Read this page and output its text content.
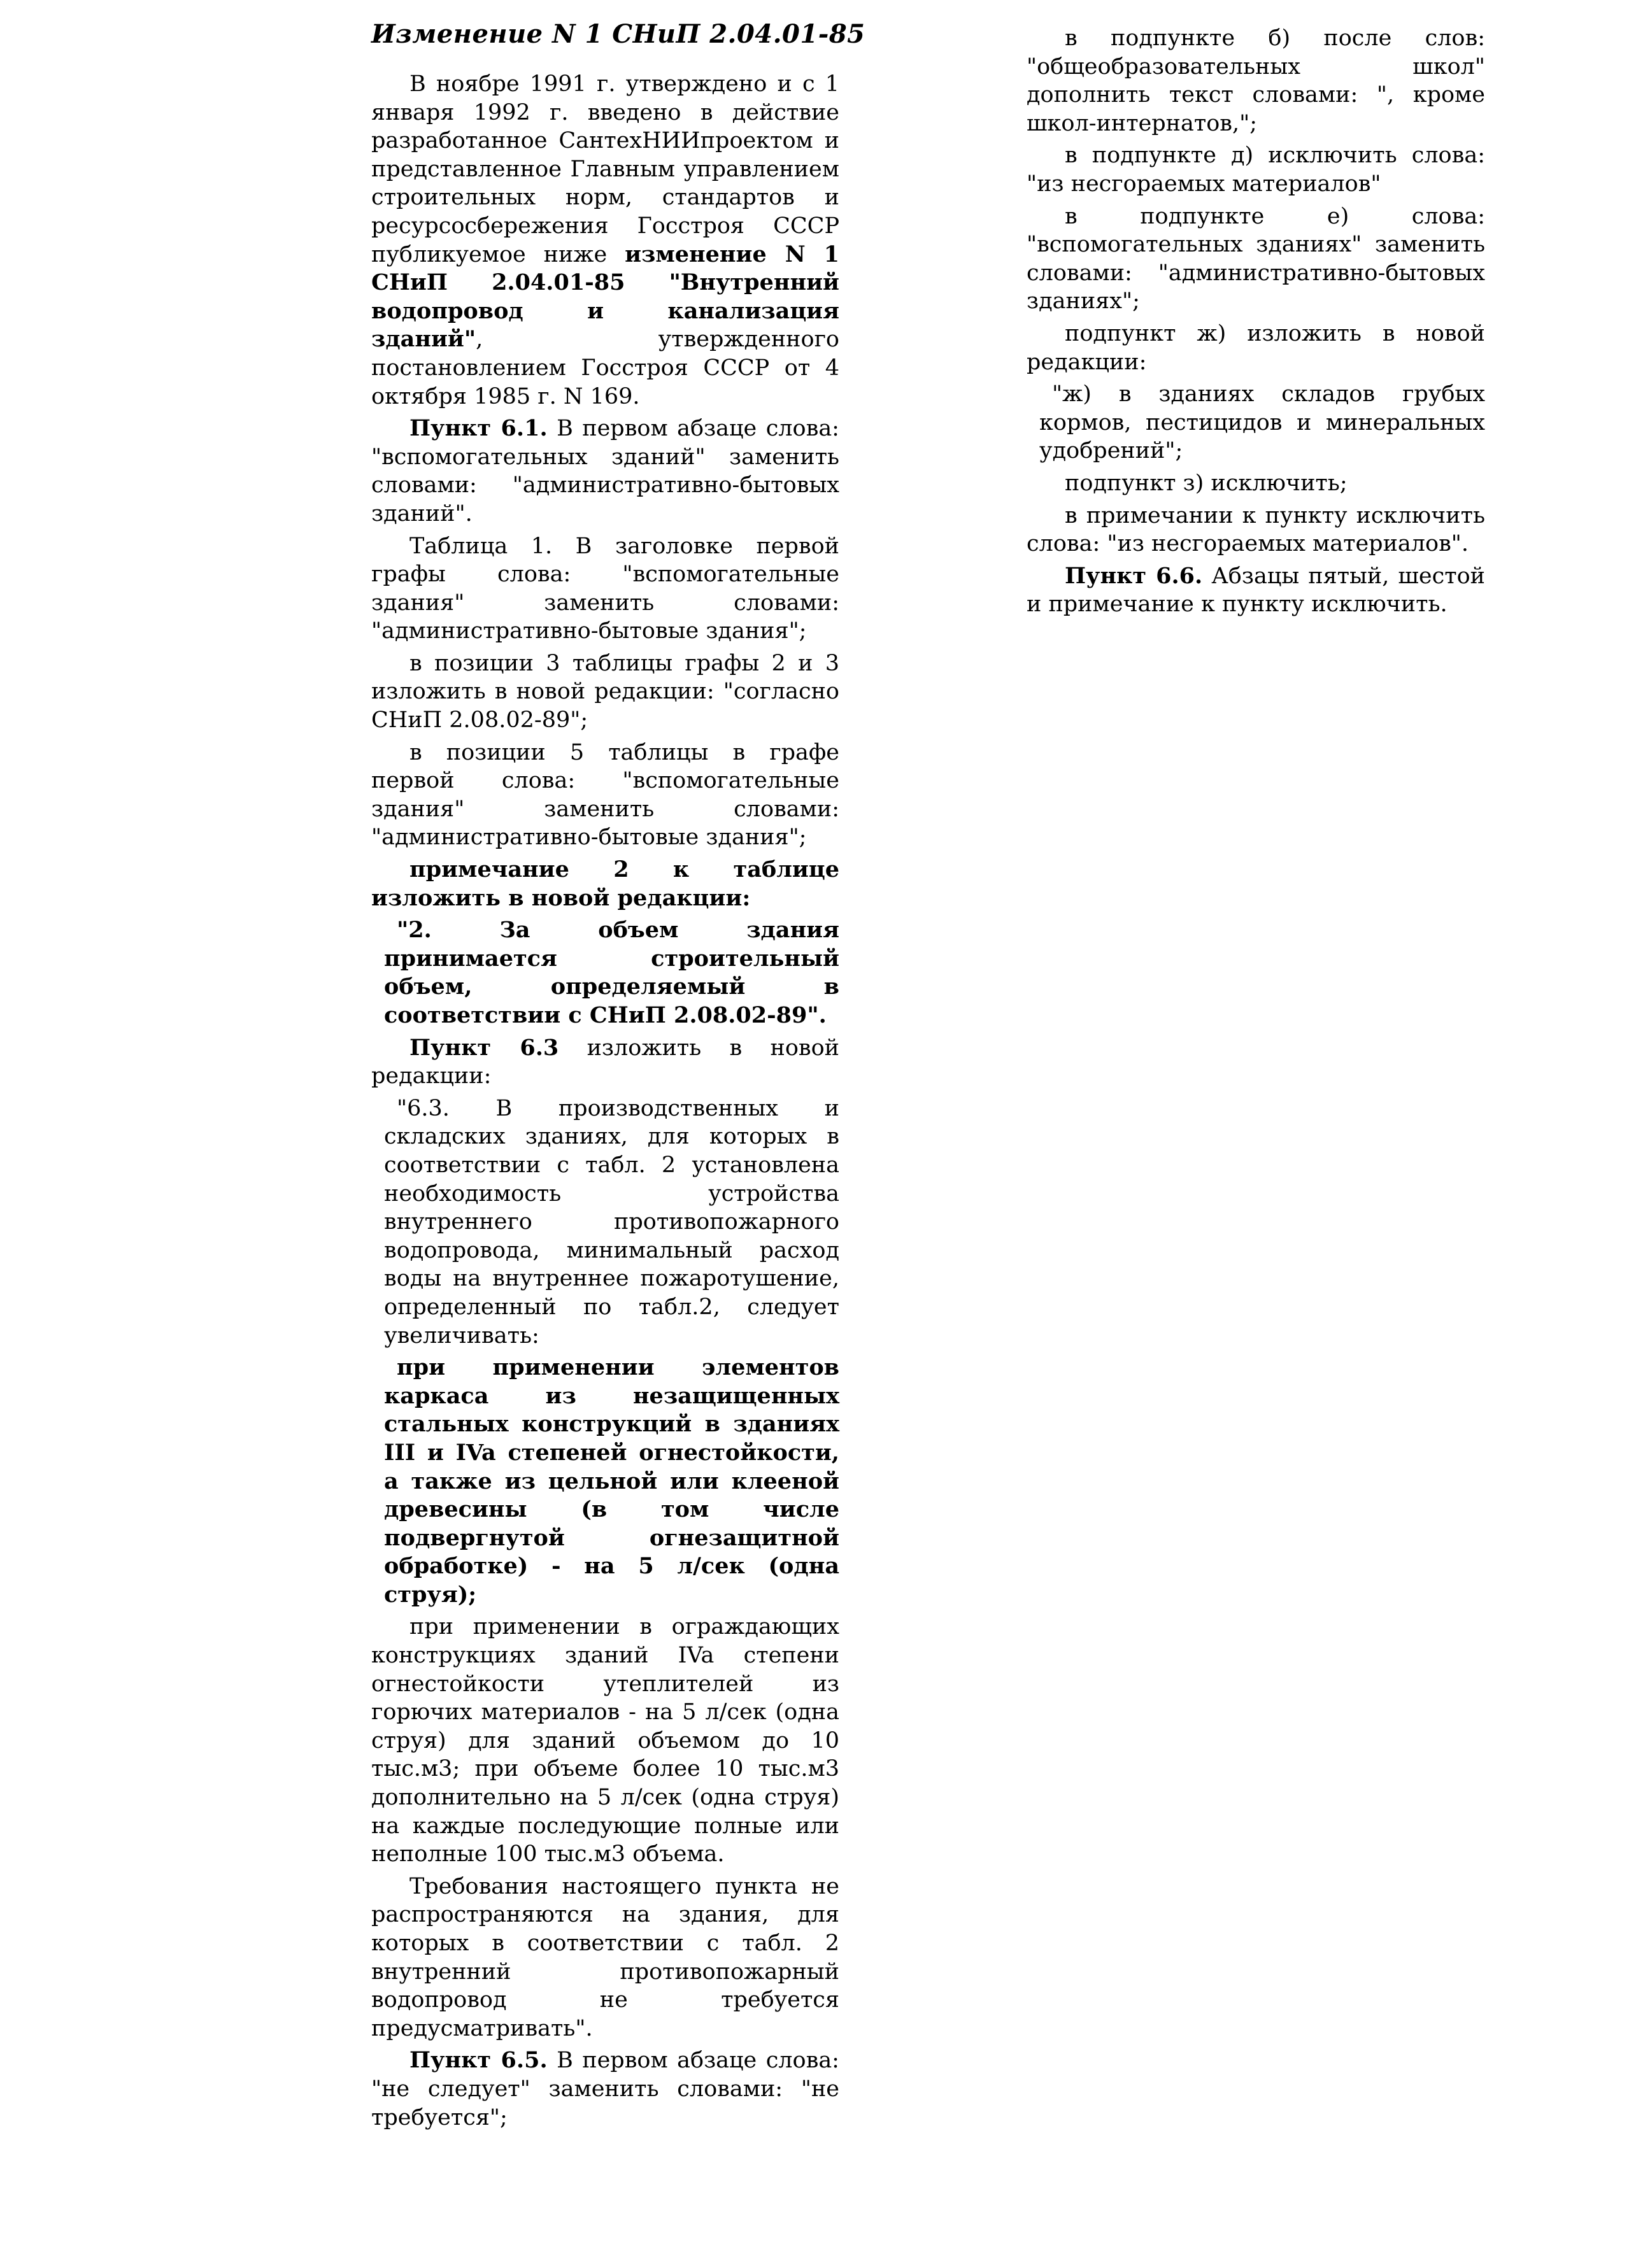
Изменение N 1 СНиП 2.04.01-85

В ноябре 1991 г. утверждено и с 1 января 1992 г. введено в действие разработанное СантехНИИпроектом и представленное Главным управлением строительных норм, стандартов и ресурсосбережения Госстроя СССР публикуемое ниже изменение N 1 СНиП 2.04.01-85 "Внутренний водопровод и канализация зданий", утвержденного постановлением Госстроя СССР от 4 октября 1985 г. N 169.

Пункт 6.1. В первом абзаце слова: "вспомогательных зданий" заменить словами: "административно-бытовых зданий".

Таблица 1. В заголовке первой графы слова: "вспомогательные здания" заменить словами: "административно-бытовые здания";

в позиции 3 таблицы графы 2 и 3 изложить в новой редакции: "согласно СНиП 2.08.02-89";

в позиции 5 таблицы в графе первой слова: "вспомогательные здания" заменить словами: "административно-бытовые здания";

примечание 2 к таблице изложить в новой редакции:

"2. За объем здания принимается строительный объем, определяемый в соответствии с СНиП 2.08.02-89".

Пункт 6.3 изложить в новой редакции:

"6.3. В производственных и складских зданиях, для которых в соответствии с табл. 2 установлена необходимость устройства внутреннего противопожарного водопровода, минимальный расход воды на внутреннее пожаротушение, определенный по табл.2, следует увеличивать:

при применении элементов каркаса из незащищенных стальных конструкций в зданиях III и IVa степеней огнестойкости, а также из цельной или клееной древесины (в том числе подвергнутой огнезащитной обработке) - на 5 л/сек (одна струя);

при применении в ограждающих конструкциях зданий IVa степени огнестойкости утеплителей из горючих материалов - на 5 л/сек (одна струя) для зданий объемом до 10 тыс.м3; при объеме более 10 тыс.м3 дополнительно на 5 л/сек (одна струя) на каждые последующие полные или неполные 100 тыс.м3 объема.

Требования настоящего пункта не распространяются на здания, для которых в соответствии с табл. 2 внутренний противопожарный водопровод не требуется предусматривать".

Пункт 6.5. В первом абзаце слова: "не следует" заменить словами: "не требуется";

в подпункте б) после слов: "общеобразовательных школ" дополнить текст словами: ", кроме школ-интернатов,";

в подпункте д) исключить слова: "из несгораемых материалов"

в подпункте е) слова: "вспомогательных зданиях" заменить словами: "административно-бытовых зданиях";

подпункт ж) изложить в новой редакции:

"ж) в зданиях складов грубых кормов, пестицидов и минеральных удобрений";

подпункт з) исключить;

в примечании к пункту исключить слова: "из несгораемых материалов".

Пункт 6.6. Абзацы пятый, шестой и примечание к пункту исключить.
